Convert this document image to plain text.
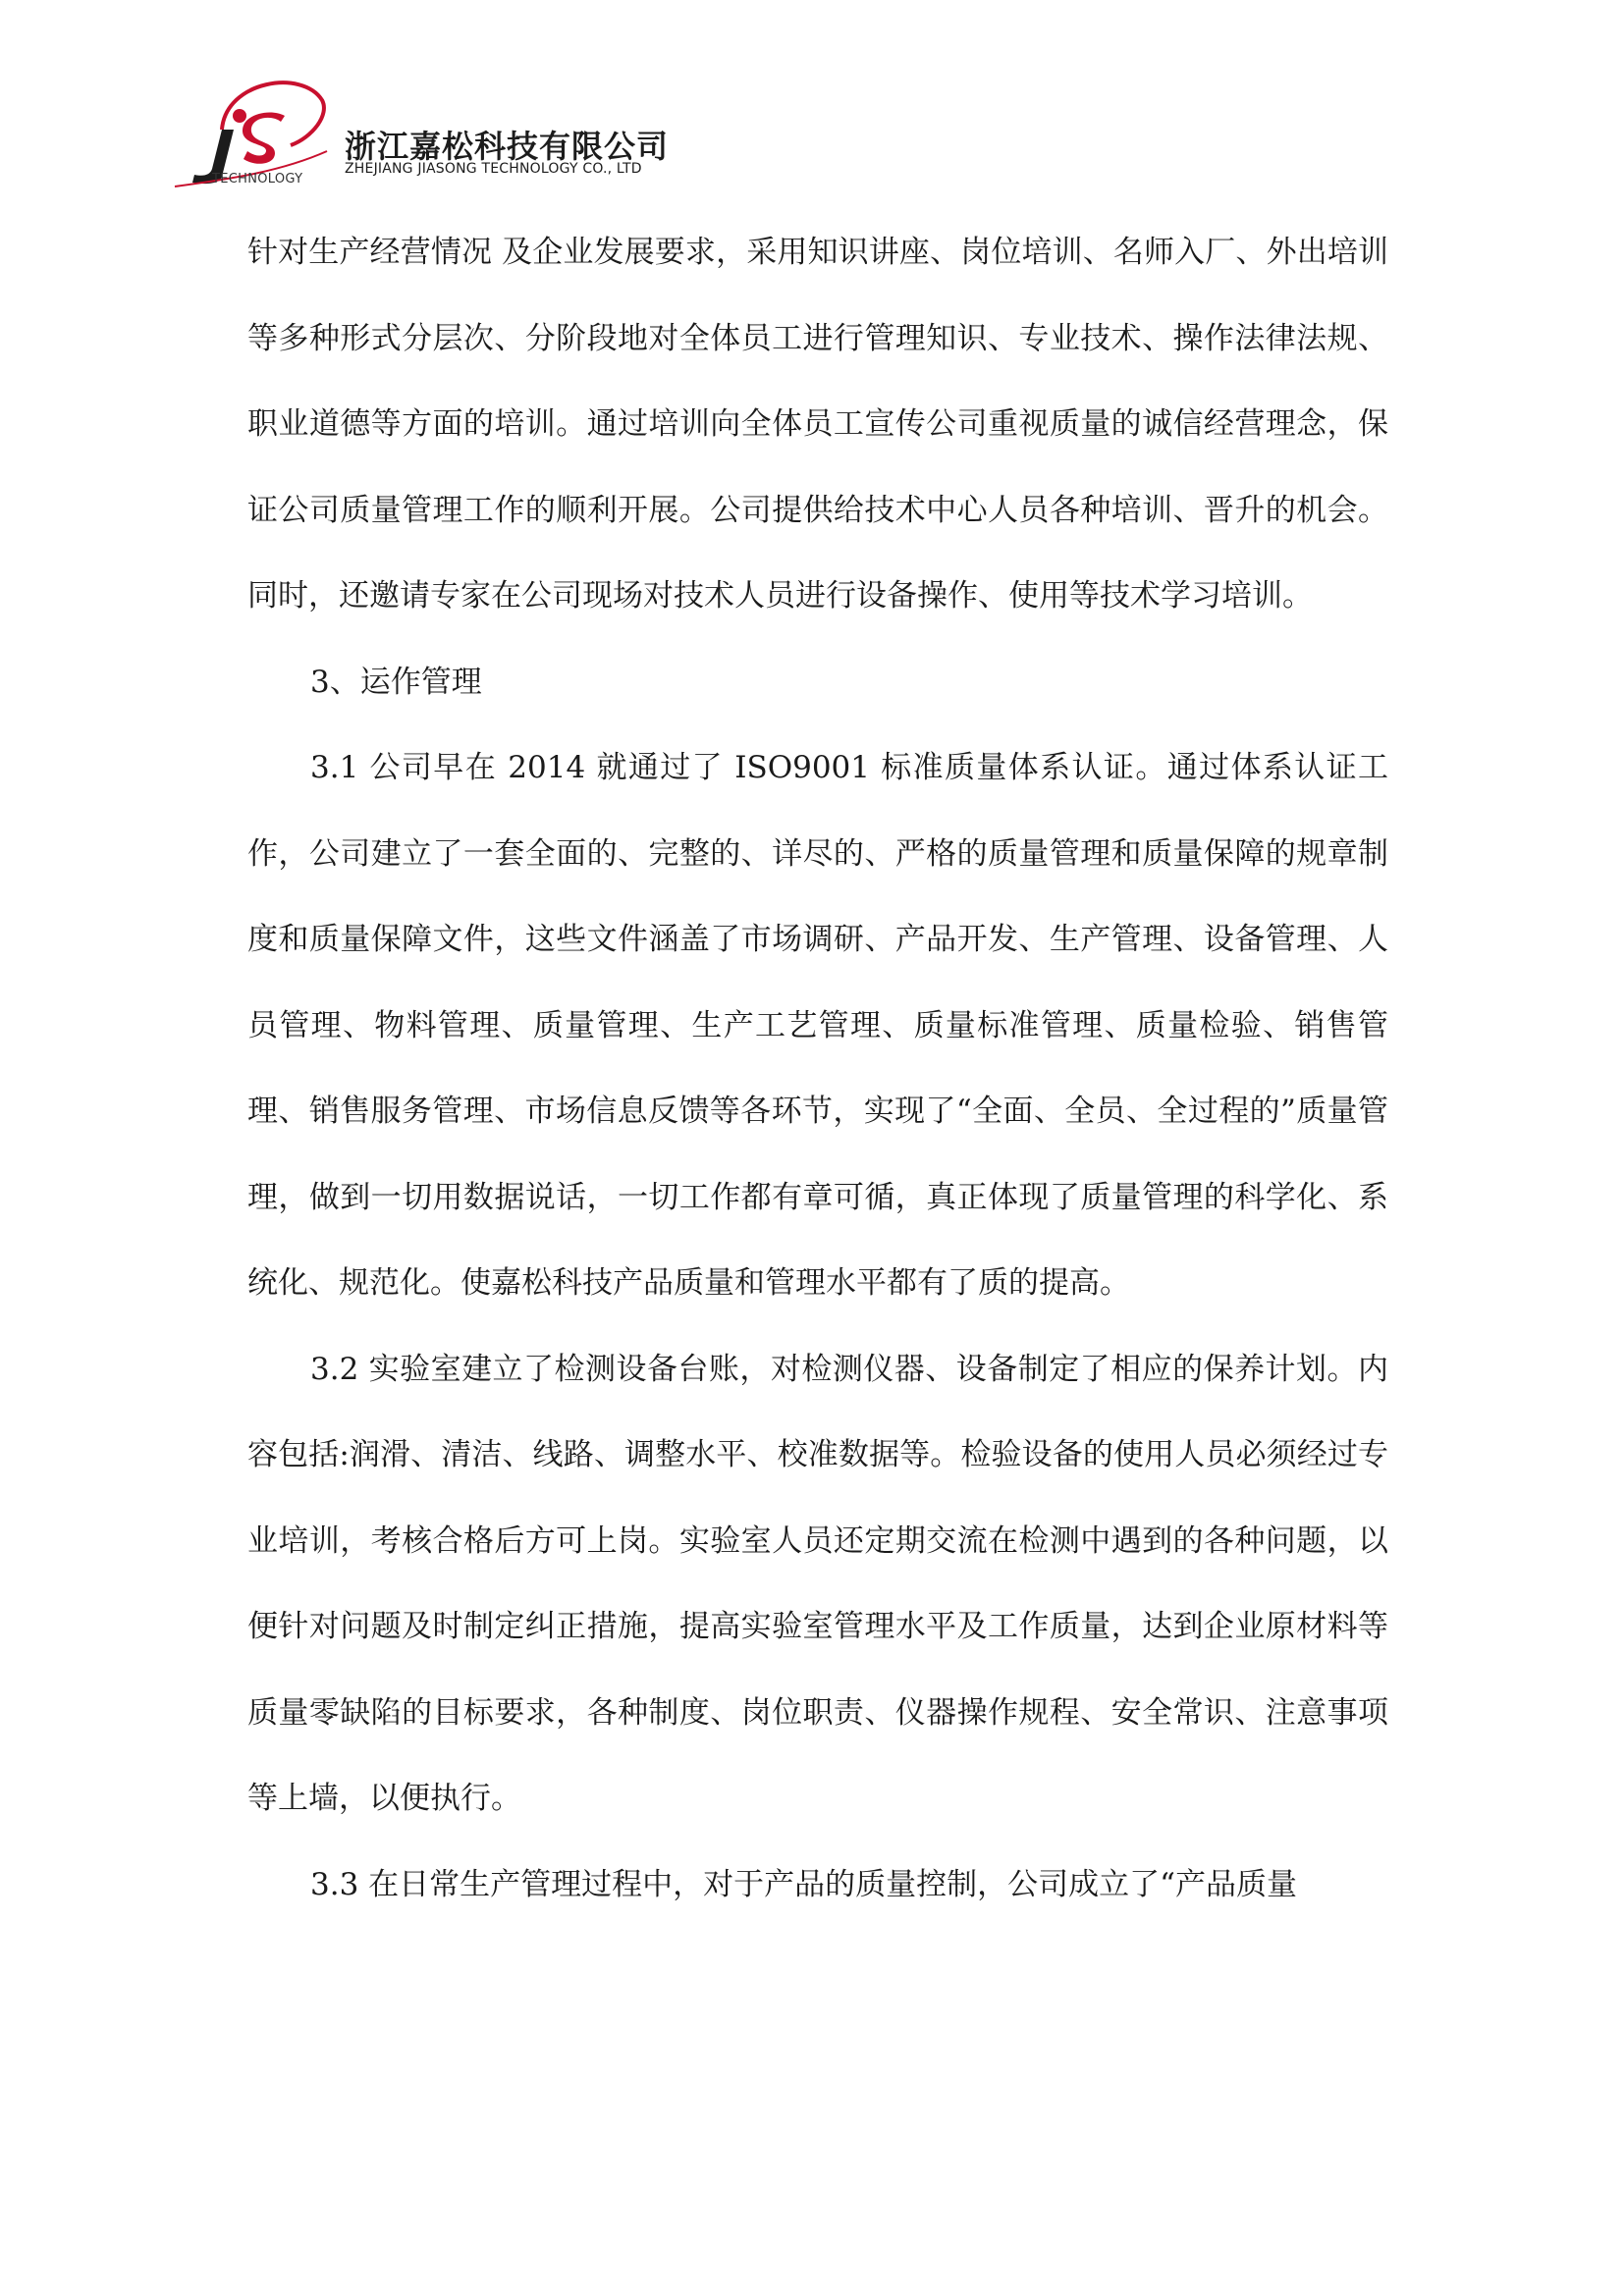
TECHNOLOGY
浙江嘉松科技有限公司
ZHEJIANG JIASONG TECHNOLOGY CO., LTD

针对生产经营情况 及企业发展要求，采用知识讲座、岗位培训、名师入厂、外出培训等多种形式分层次、分阶段地对全体员工进行管理知识、专业技术、操作法律法规、职业道德等方面的培训。通过培训向全体员工宣传公司重视质量的诚信经营理念，保证公司质量管理工作的顺利开展。公司提供给技术中心人员各种培训、晋升的机会。同时，还邀请专家在公司现场对技术人员进行设备操作、使用等技术学习培训。

3、运作管理

3.1 公司早在 2014 就通过了 ISO9001 标准质量体系认证。通过体系认证工作，公司建立了一套全面的、完整的、详尽的、严格的质量管理和质量保障的规章制度和质量保障文件，这些文件涵盖了市场调研、产品开发、生产管理、设备管理、人员管理、物料管理、质量管理、生产工艺管理、质量标准管理、质量检验、销售管理、销售服务管理、市场信息反馈等各环节，实现了“全面、全员、全过程的”质量管理，做到一切用数据说话，一切工作都有章可循，真正体现了质量管理的科学化、系统化、规范化。使嘉松科技产品质量和管理水平都有了质的提高。

3.2 实验室建立了检测设备台账，对检测仪器、设备制定了相应的保养计划。内容包括:润滑、清洁、线路、调整水平、校准数据等。检验设备的使用人员必须经过专业培训，考核合格后方可上岗。实验室人员还定期交流在检测中遇到的各种问题，以便针对问题及时制定纠正措施，提高实验室管理水平及工作质量，达到企业原材料等质量零缺陷的目标要求，各种制度、岗位职责、仪器操作规程、安全常识、注意事项等上墙，以便执行。

3.3 在日常生产管理过程中，对于产品的质量控制，公司成立了“产品质量
